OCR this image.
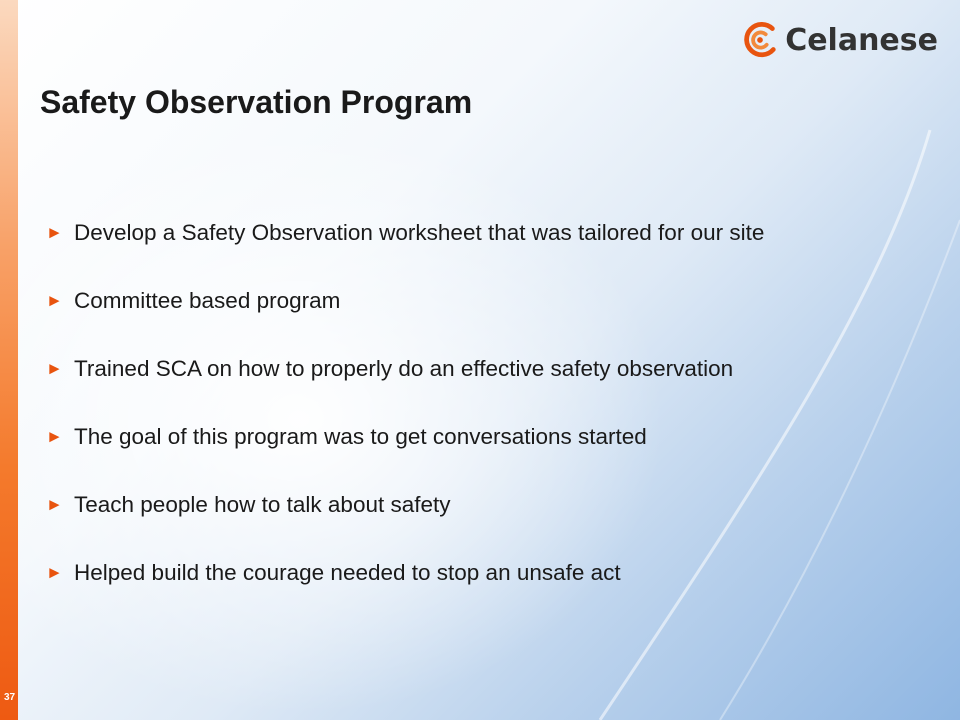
Celanese
Safety Observation Program
► Develop a Safety Observation worksheet that was tailored for our site
► Committee based program
► Trained SCA on how to properly do an effective safety observation
► The goal of this program was to get conversations started
► Teach people how to talk about safety
► Helped build the courage needed to stop an unsafe act
37
